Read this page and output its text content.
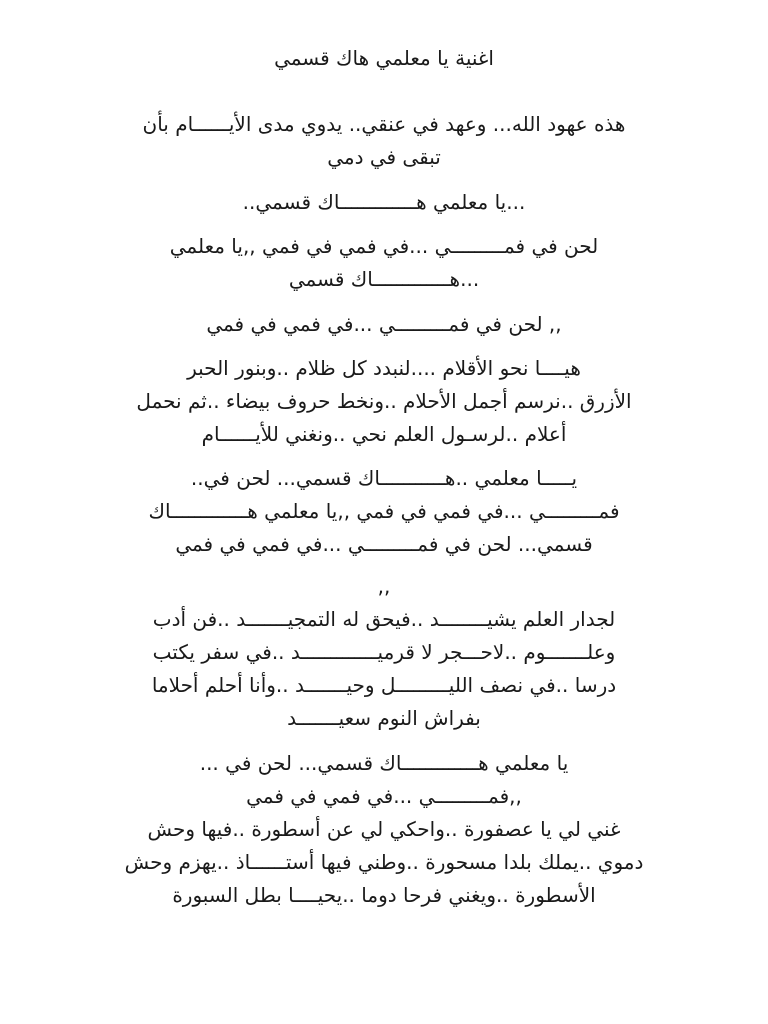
اغنية يا معلمي هاك قسمي
هذه عهود الله... وعهد في عنقي.. يدوي مدى الأيــــــام بأن
تبقى في دمي
...يا معلمي هـــــــــــــاك قسمي..
لحن في فمـــــــــي ...في فمي في فمي ,,يا معلمي
...هـــــــــــــاك قسمي
,, لحن في فمـــــــــي ...في فمي في فمي
هيــــا نحو الأقلام ....لنبدد كل ظلام ..وبنور الحبر
الأزرق ..نرسم أجمل الأحلام ..ونخط حروف بيضاء ..ثم نحمل
أعلام ..لرسـول العلم نحي ..ونغني للأيــــــام
يـــــا معلمي ..هـــــــــــاك قسمي... لحن في..
فمـــــــــي ...في فمي في فمي ,,يا معلمي هـــــــــــــاك
قسمي... لحن في فمـــــــــي ...في فمي في فمي
,,
لجدار العلم يشيــــــــد ..فيحق له التمجيـــــــد ..فن أدب
وعلـــــــوم ..لاحـــجر لا قرميـــــــــــــد ..في سفر يكتب
درسا ..في نصف الليـــــــــل وحيـــــــد ..وأنا أحلم أحلاما
بفراش النوم سعيـــــــد
يا معلمي هـــــــــــــاك قسمي... لحن في ...
,,فمـــــــــي ...في فمي في فمي
غني لي يا عصفورة ..واحكي لي عن أسطورة ..فيها وحش
دموي ..يملك بلدا مسحورة ..وطني فيها أستــــــاذ ..يهزم وحش
الأسطورة ..ويغني فرحا دوما ..يحيــــا بطل السبورة
